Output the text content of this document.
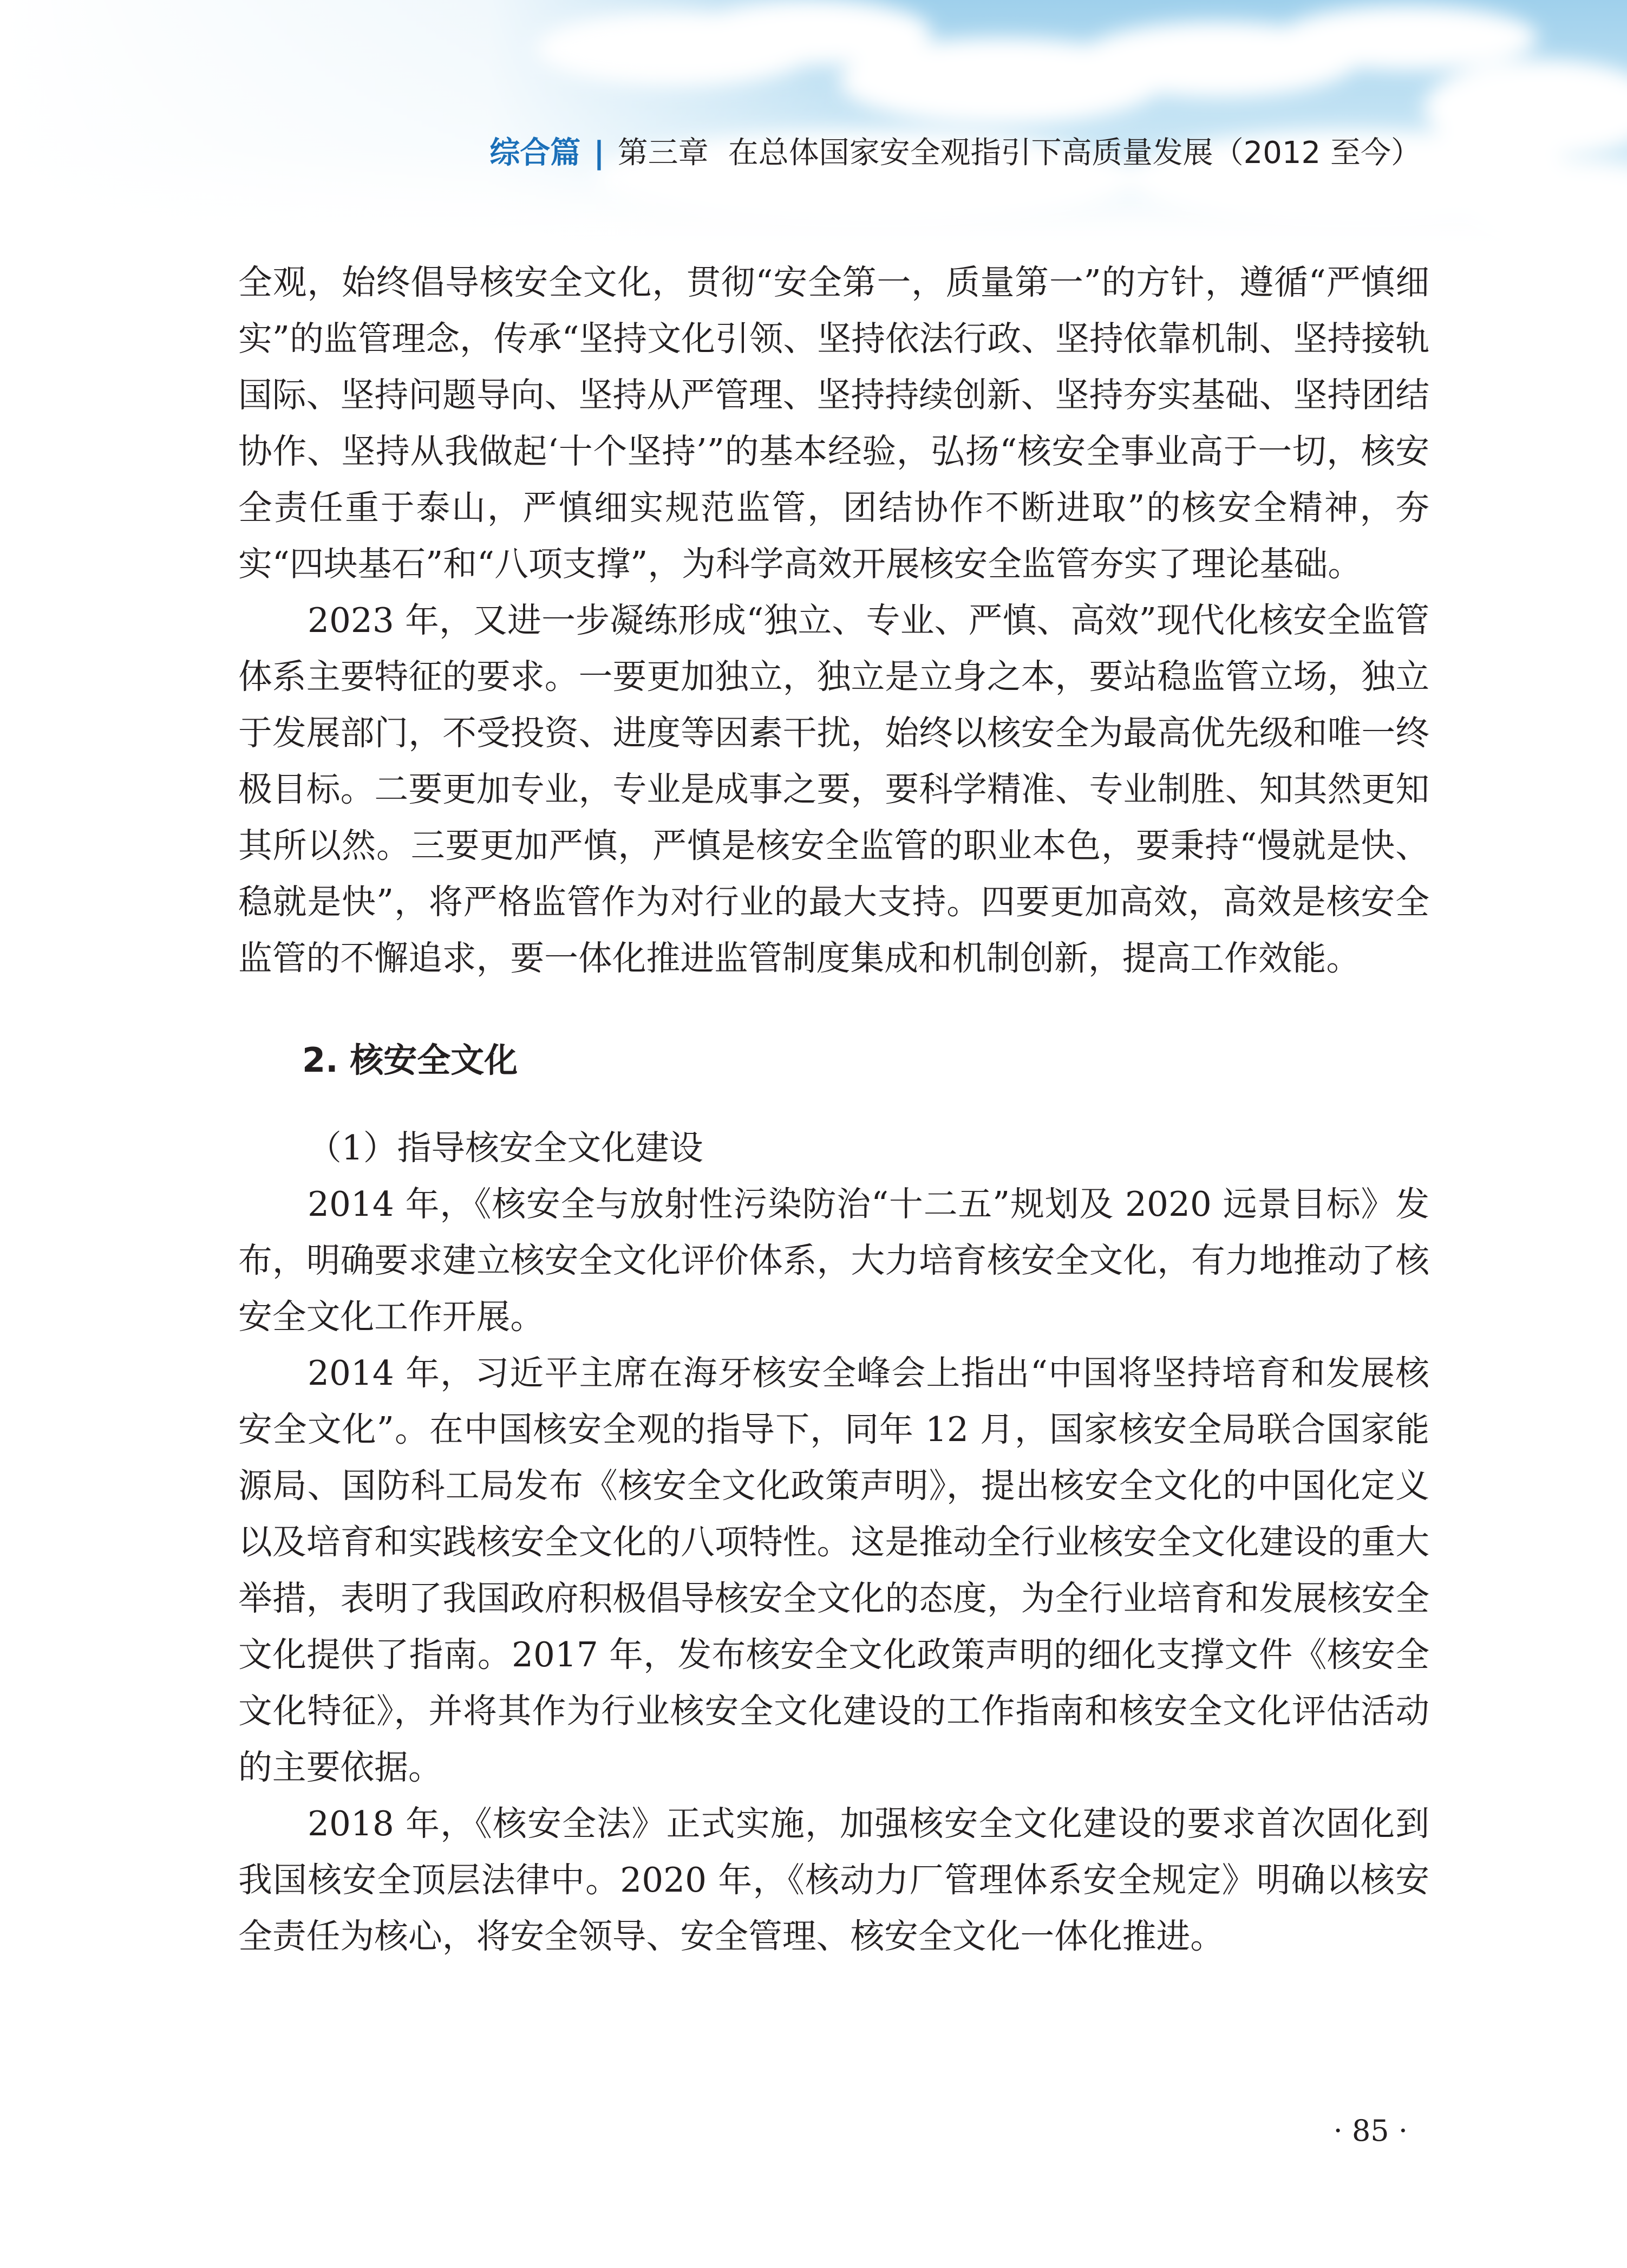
综合篇 | 第三章 在总体国家安全观指引下高质量发展（2012 至今）

全观，始终倡导核安全文化，贯彻“安全第一，质量第一”的方针，遵循“严慎细实”的监管理念，传承“坚持文化引领、坚持依法行政、坚持依靠机制、坚持接轨国际、坚持问题导向、坚持从严管理、坚持持续创新、坚持夯实基础、坚持团结协作、坚持从我做起‘十个坚持’”的基本经验，弘扬“核安全事业高于一切，核安全责任重于泰山，严慎细实规范监管，团结协作不断进取”的核安全精神，夯实“四块基石”和“八项支撑”，为科学高效开展核安全监管夯实了理论基础。

2023 年，又进一步凝练形成“独立、专业、严慎、高效”现代化核安全监管体系主要特征的要求。一要更加独立，独立是立身之本，要站稳监管立场，独立于发展部门，不受投资、进度等因素干扰，始终以核安全为最高优先级和唯一终极目标。二要更加专业，专业是成事之要，要科学精准、专业制胜、知其然更知其所以然。三要更加严慎，严慎是核安全监管的职业本色，要秉持“慢就是快、稳就是快”，将严格监管作为对行业的最大支持。四要更加高效，高效是核安全监管的不懈追求，要一体化推进监管制度集成和机制创新，提高工作效能。

2. 核安全文化

（1）指导核安全文化建设

2014 年，《核安全与放射性污染防治“十二五”规划及 2020 远景目标》发布，明确要求建立核安全文化评价体系，大力培育核安全文化，有力地推动了核安全文化工作开展。

2014 年，习近平主席在海牙核安全峰会上指出“中国将坚持培育和发展核安全文化”。在中国核安全观的指导下，同年 12 月，国家核安全局联合国家能源局、国防科工局发布《核安全文化政策声明》，提出核安全文化的中国化定义以及培育和实践核安全文化的八项特性。这是推动全行业核安全文化建设的重大举措，表明了我国政府积极倡导核安全文化的态度，为全行业培育和发展核安全文化提供了指南。2017 年，发布核安全文化政策声明的细化支撑文件《核安全文化特征》，并将其作为行业核安全文化建设的工作指南和核安全文化评估活动的主要依据。

2018 年，《核安全法》正式实施，加强核安全文化建设的要求首次固化到我国核安全顶层法律中。2020 年，《核动力厂管理体系安全规定》明确以核安全责任为核心，将安全领导、安全管理、核安全文化一体化推进。

· 85 ·
